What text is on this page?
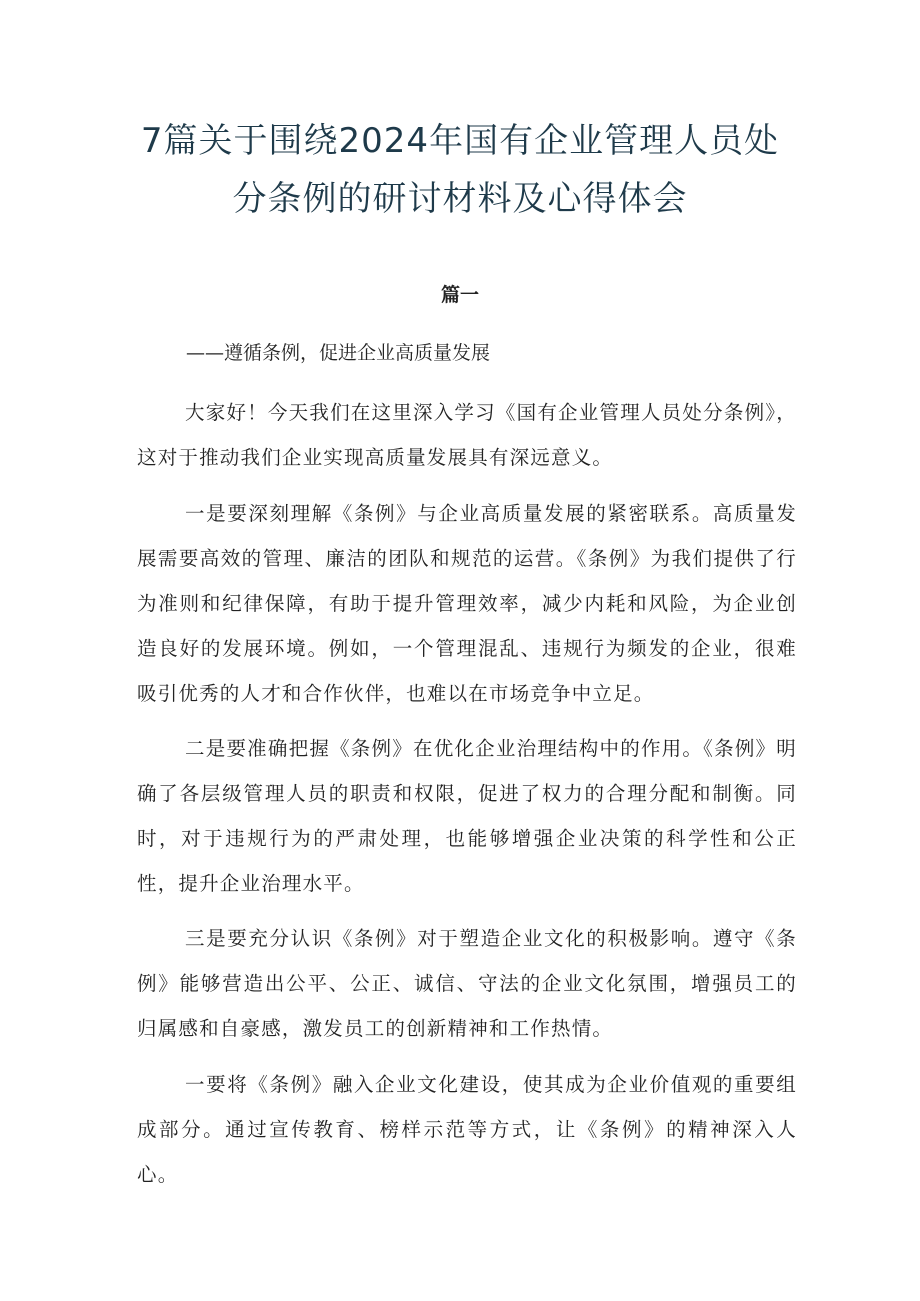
7篇关于围绕2024年国有企业管理人员处
分条例的研讨材料及心得体会
篇一

——遵循条例，促进企业高质量发展

大家好！今天我们在这里深入学习《国有企业管理人员处分条例》，这对于推动我们企业实现高质量发展具有深远意义。

一是要深刻理解《条例》与企业高质量发展的紧密联系。高质量发展需要高效的管理、廉洁的团队和规范的运营。《条例》为我们提供了行为准则和纪律保障，有助于提升管理效率，减少内耗和风险，为企业创造良好的发展环境。例如，一个管理混乱、违规行为频发的企业，很难吸引优秀的人才和合作伙伴，也难以在市场竞争中立足。

二是要准确把握《条例》在优化企业治理结构中的作用。《条例》明确了各层级管理人员的职责和权限，促进了权力的合理分配和制衡。同时，对于违规行为的严肃处理，也能够增强企业决策的科学性和公正性，提升企业治理水平。

三是要充分认识《条例》对于塑造企业文化的积极影响。遵守《条例》能够营造出公平、公正、诚信、守法的企业文化氛围，增强员工的归属感和自豪感，激发员工的创新精神和工作热情。

一要将《条例》融入企业文化建设，使其成为企业价值观的重要组成部分。通过宣传教育、榜样示范等方式，让《条例》的精神深入人心。
